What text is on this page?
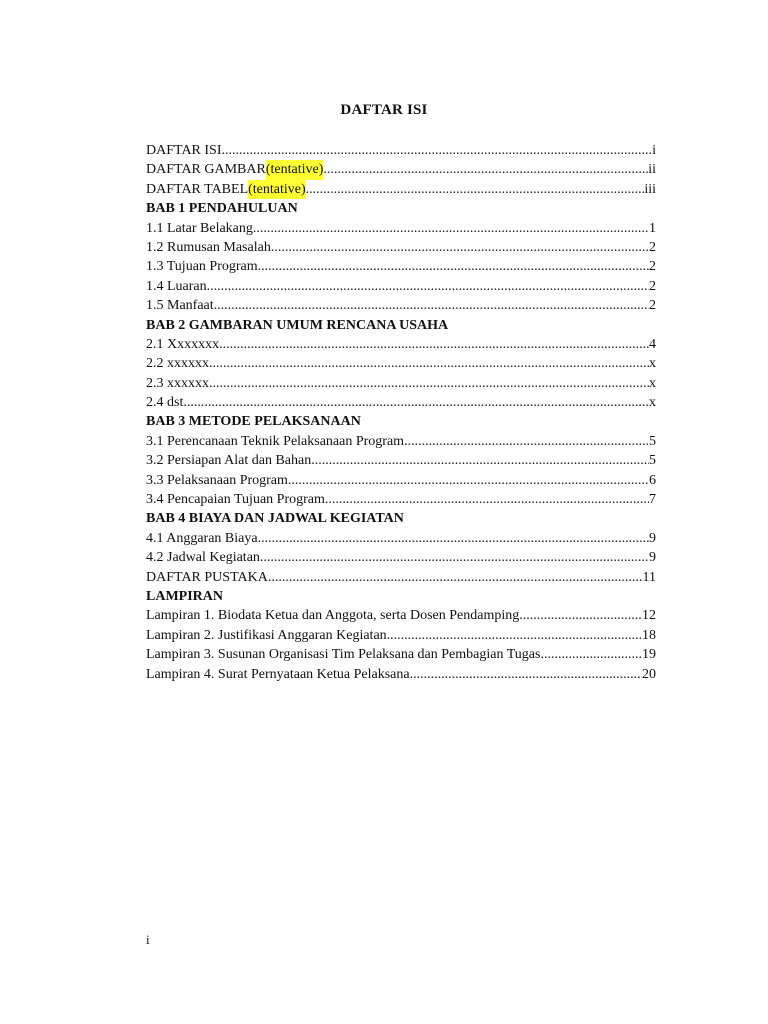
DAFTAR ISI
DAFTAR ISI .....	i
DAFTAR GAMBAR (tentative) .....	ii
DAFTAR TABEL (tentative) .....	iii
BAB 1 PENDAHULUAN
1.1 Latar Belakang .....	1
1.2 Rumusan Masalah .....	2
1.3 Tujuan Program .....	2
1.4 Luaran .....	2
1.5 Manfaat .....	2
BAB 2 GAMBARAN UMUM RENCANA USAHA
2.1 Xxxxxxx .....	4
2.2 xxxxxx .....	x
2.3 xxxxxx .....	x
2.4 dst .....	x
BAB 3 METODE PELAKSANAAN
3.1 Perencanaan Teknik Pelaksanaan Program .....	5
3.2 Persiapan Alat dan Bahan .....	5
3.3 Pelaksanaan Program .....	6
3.4 Pencapaian Tujuan Program .....	7
BAB 4 BIAYA DAN JADWAL KEGIATAN
4.1 Anggaran Biaya .....	9
4.2 Jadwal Kegiatan .....	9
DAFTAR PUSTAKA .....	11
LAMPIRAN
Lampiran 1. Biodata Ketua dan Anggota, serta Dosen Pendamping .....	12
Lampiran 2. Justifikasi Anggaran Kegiatan .....	18
Lampiran 3. Susunan Organisasi Tim Pelaksana dan Pembagian Tugas .....	19
Lampiran 4. Surat Pernyataan Ketua Pelaksana .....	20
i
